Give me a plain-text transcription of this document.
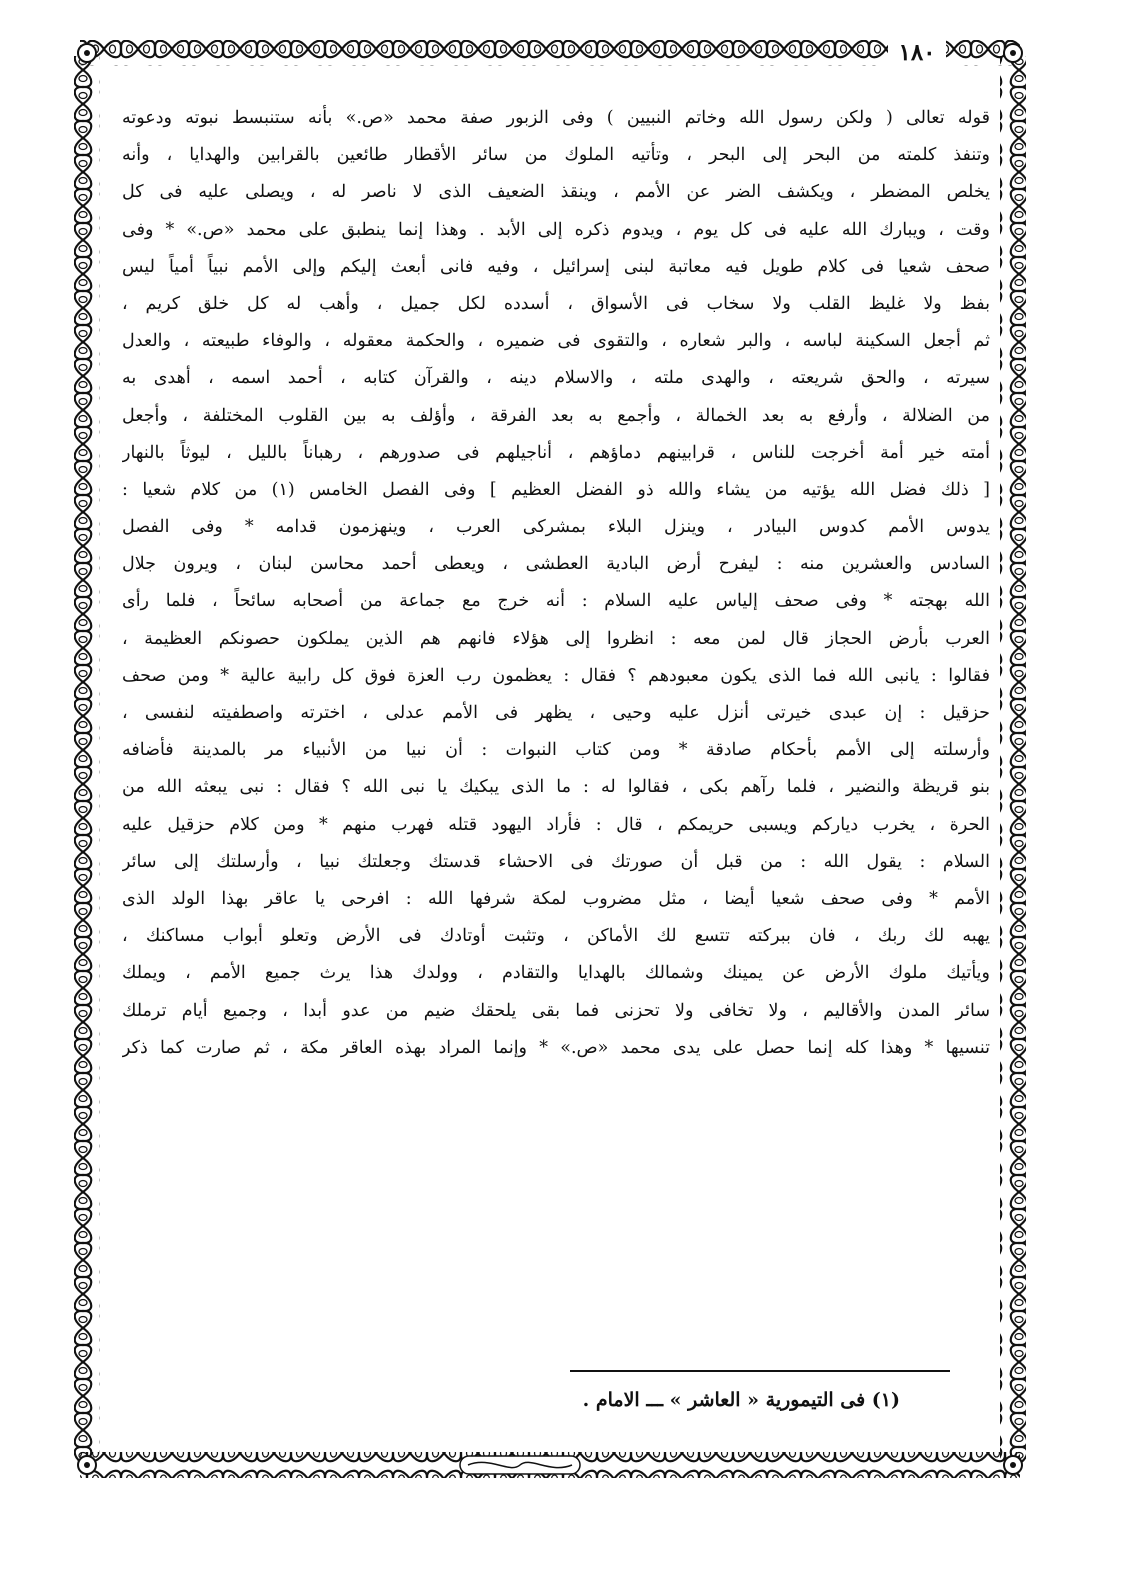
١٨٠
قوله تعالى ( ولكن رسول الله وخاتم النبيين ) وفى الزبور صفة محمد «ص.» بأنه ستنبسط نبوته ودعوته
وتنفذ كلمته من البحر إلى البحر ، وتأتيه الملوك من سائر الأقطار طائعين بالقرابين والهدايا ، وأنه
يخلص المضطر ، ويكشف الضر عن الأمم ، وينقذ الضعيف الذى لا ناصر له ، ويصلى عليه فى كل
وقت ، ويبارك الله عليه فى كل يوم ، ويدوم ذكره إلى الأبد . وهذا إنما ينطبق على محمد «ص.» * وفى
صحف شعيا فى كلام طويل فيه معاتبة لبنى إسرائيل ، وفيه فانى أبعث إليكم وإلى الأمم نبياً أمياً ليس
بفظ ولا غليظ القلب ولا سخاب فى الأسواق ، أسدده لكل جميل ، وأهب له كل خلق كريم ،
ثم أجعل السكينة لباسه ، والبر شعاره ، والتقوى فى ضميره ، والحكمة معقوله ، والوفاء طبيعته ، والعدل
سيرته ، والحق شريعته ، والهدى ملته ، والاسلام دينه ، والقرآن كتابه ، أحمد اسمه ، أهدى به
من الضلالة ، وأرفع به بعد الخمالة ، وأجمع به بعد الفرقة ، وأؤلف به بين القلوب المختلفة ، وأجعل
أمته خير أمة أخرجت للناس ، قرابينهم دماؤهم ، أناجيلهم فى صدورهم ، رهباناً بالليل ، ليوثاً بالنهار
[ ذلك فضل الله يؤتيه من يشاء والله ذو الفضل العظيم ] وفى الفصل الخامس (١) من كلام شعيا :
يدوس الأمم كدوس البيادر ، وينزل البلاء بمشركى العرب ، وينهزمون قدامه * وفى الفصل
السادس والعشرين منه : ليفرح أرض البادية العطشى ، ويعطى أحمد محاسن لبنان ، ويرون جلال
الله بهجته * وفى صحف إلياس عليه السلام : أنه خرج مع جماعة من أصحابه سائحاً ، فلما رأى
العرب بأرض الحجاز قال لمن معه : انظروا إلى هؤلاء فانهم هم الذين يملكون حصونكم العظيمة ،
فقالوا : يانبى الله فما الذى يكون معبودهم ؟ فقال : يعظمون رب العزة فوق كل رابية عالية * ومن صحف
حزقيل : إن عبدى خيرتى أنزل عليه وحيى ، يظهر فى الأمم عدلى ، اخترته واصطفيته لنفسى ،
وأرسلته إلى الأمم بأحكام صادقة * ومن كتاب النبوات : أن نبيا من الأنبياء مر بالمدينة فأضافه
بنو قريظة والنضير ، فلما رآهم بكى ، فقالوا له : ما الذى يبكيك يا نبى الله ؟ فقال : نبى يبعثه الله من
الحرة ، يخرب دياركم ويسبى حريمكم ، قال : فأراد اليهود قتله فهرب منهم * ومن كلام حزقيل عليه
السلام : يقول الله : من قبل أن صورتك فى الاحشاء قدستك وجعلتك نبيا ، وأرسلتك إلى سائر
الأمم * وفى صحف شعيا أيضا ، مثل مضروب لمكة شرفها الله : افرحى يا عاقر بهذا الولد الذى
يهبه لك ربك ، فان ببركته تتسع لك الأماكن ، وتثبت أوتادك فى الأرض وتعلو أبواب مساكنك ،
ويأتيك ملوك الأرض عن يمينك وشمالك بالهدايا والتقادم ، وولدك هذا يرث جميع الأمم ، ويملك
سائر المدن والأقاليم ، ولا تخافى ولا تحزنى فما بقى يلحقك ضيم من عدو أبدا ، وجميع أيام ترملك
تنسيها * وهذا كله إنما حصل على يدى محمد «ص.» * وإنما المراد بهذه العاقر مكة ، ثم صارت كما ذكر
(١) فى التيمورية « العاشر » ـــ الامام .
